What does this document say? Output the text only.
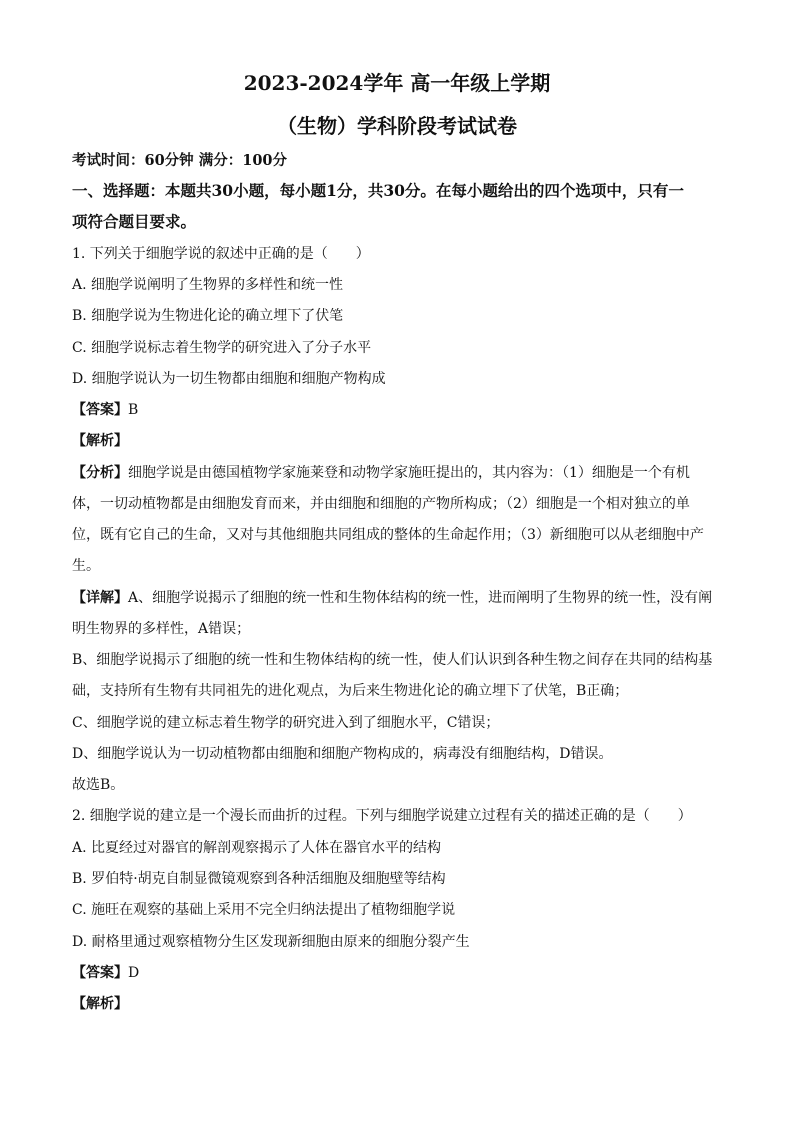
2023-2024学年 高一年级上学期
（生物）学科阶段考试试卷
考试时间：60分钟 满分：100分
一、选择题：本题共30小题，每小题1分，共30分。在每小题给出的四个选项中，只有一
项符合题目要求。
1. 下列关于细胞学说的叙述中正确的是（　　）
A. 细胞学说阐明了生物界的多样性和统一性
B. 细胞学说为生物进化论的确立埋下了伏笔
C. 细胞学说标志着生物学的研究进入了分子水平
D. 细胞学说认为一切生物都由细胞和细胞产物构成
【答案】B
【解析】
【分析】细胞学说是由德国植物学家施莱登和动物学家施旺提出的，其内容为：（1）细胞是一个有机
体，一切动植物都是由细胞发育而来，并由细胞和细胞的产物所构成；（2）细胞是一个相对独立的单
位，既有它自己的生命，又对与其他细胞共同组成的整体的生命起作用；（3）新细胞可以从老细胞中产
生。
【详解】A、细胞学说揭示了细胞的统一性和生物体结构的统一性，进而阐明了生物界的统一性，没有阐
明生物界的多样性，A错误；
B、细胞学说揭示了细胞的统一性和生物体结构的统一性，使人们认识到各种生物之间存在共同的结构基
础，支持所有生物有共同祖先的进化观点，为后来生物进化论的确立埋下了伏笔，B正确；
C、细胞学说的建立标志着生物学的研究进入到了细胞水平，C错误；
D、细胞学说认为一切动植物都由细胞和细胞产物构成的，病毒没有细胞结构，D错误。
故选B。
2. 细胞学说的建立是一个漫长而曲折的过程。下列与细胞学说建立过程有关的描述正确的是（　　）
A. 比夏经过对器官的解剖观察揭示了人体在器官水平的结构
B. 罗伯特·胡克自制显微镜观察到各种活细胞及细胞壁等结构
C. 施旺在观察的基础上采用不完全归纳法提出了植物细胞学说
D. 耐格里通过观察植物分生区发现新细胞由原来的细胞分裂产生
【答案】D
【解析】
